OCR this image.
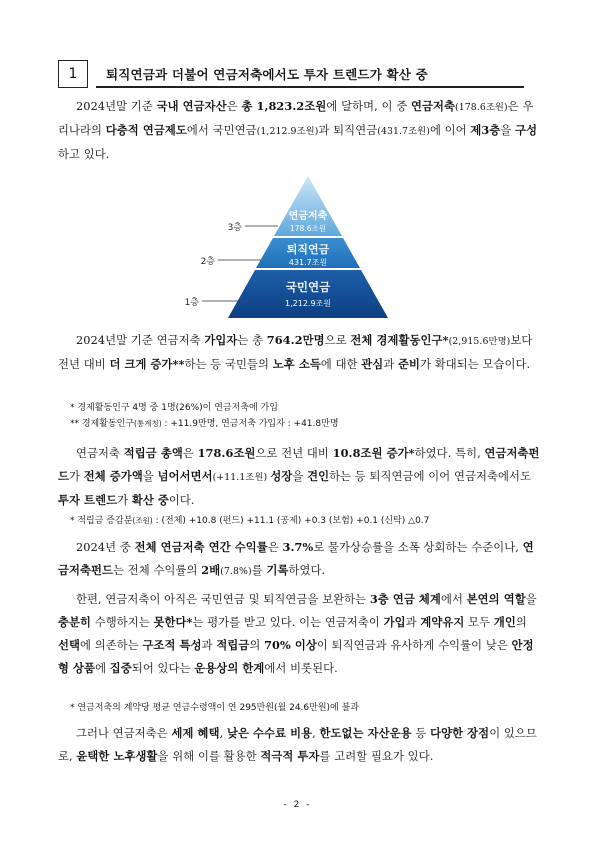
1	퇴직연금과 더불어 연금저축에서도 투자 트렌드가 확산 중
2024년말 기준 국내 연금자산은 총 1,823.2조원에 달하며, 이 중 연금저축(178.6조원)은 우리나라의 다층적 연금제도에서 국민연금(1,212.9조원)과 퇴직연금(431.7조원)에 이어 제3층을 구성하고 있다.
3층
2층
1층
연금저축
178.6조원
퇴직연금
431.7조원
국민연금
1,212.9조원
2024년말 기준 연금저축 가입자는 총 764.2만명으로 전체 경제활동인구*(2,915.6만명)보다 전년 대비 더 크게 증가**하는 등 국민들의 노후 소득에 대한 관심과 준비가 확대되는 모습이다.
* 경제활동인구 4명 중 1명(26%)이 연금저축에 가입
** 경제활동인구(통계청) : +11.9만명, 연금저축 가입자 : +41.8만명
연금저축 적립금 총액은 178.6조원으로 전년 대비 10.8조원 증가*하였다. 특히, 연금저축펀드가 전체 증가액을 넘어서면서(+11.1조원) 성장을 견인하는 등 퇴직연금에 이어 연금저축에서도 투자 트렌드가 확산 중이다.
* 적립금 증감분(조원) : (전체) +10.8 (펀드) +11.1 (공제) +0.3 (보험) +0.1 (신탁) △0.7
2024년 중 전체 연금저축 연간 수익률은 3.7%로 물가상승률을 소폭 상회하는 수준이나, 연금저축펀드는 전체 수익률의 2배(7.8%)를 기록하였다.
한편, 연금저축이 아직은 국민연금 및 퇴직연금을 보완하는 3층 연금 체계에서 본연의 역할을 충분히 수행하지는 못한다*는 평가를 받고 있다. 이는 연금저축이 가입과 계약유지 모두 개인의 선택에 의존하는 구조적 특성과 적립금의 70% 이상이 퇴직연금과 유사하게 수익률이 낮은 안정형 상품에 집중되어 있다는 운용상의 한계에서 비롯된다.
* 연금저축의 계약당 평균 연금수령액이 연 295만원(월 24.6만원)에 불과
그러나 연금저축은 세제 혜택, 낮은 수수료 비용, 한도없는 자산운용 등 다양한 장점이 있으므로, 윤택한 노후생활을 위해 이를 활용한 적극적 투자를 고려할 필요가 있다.
- 2 -
